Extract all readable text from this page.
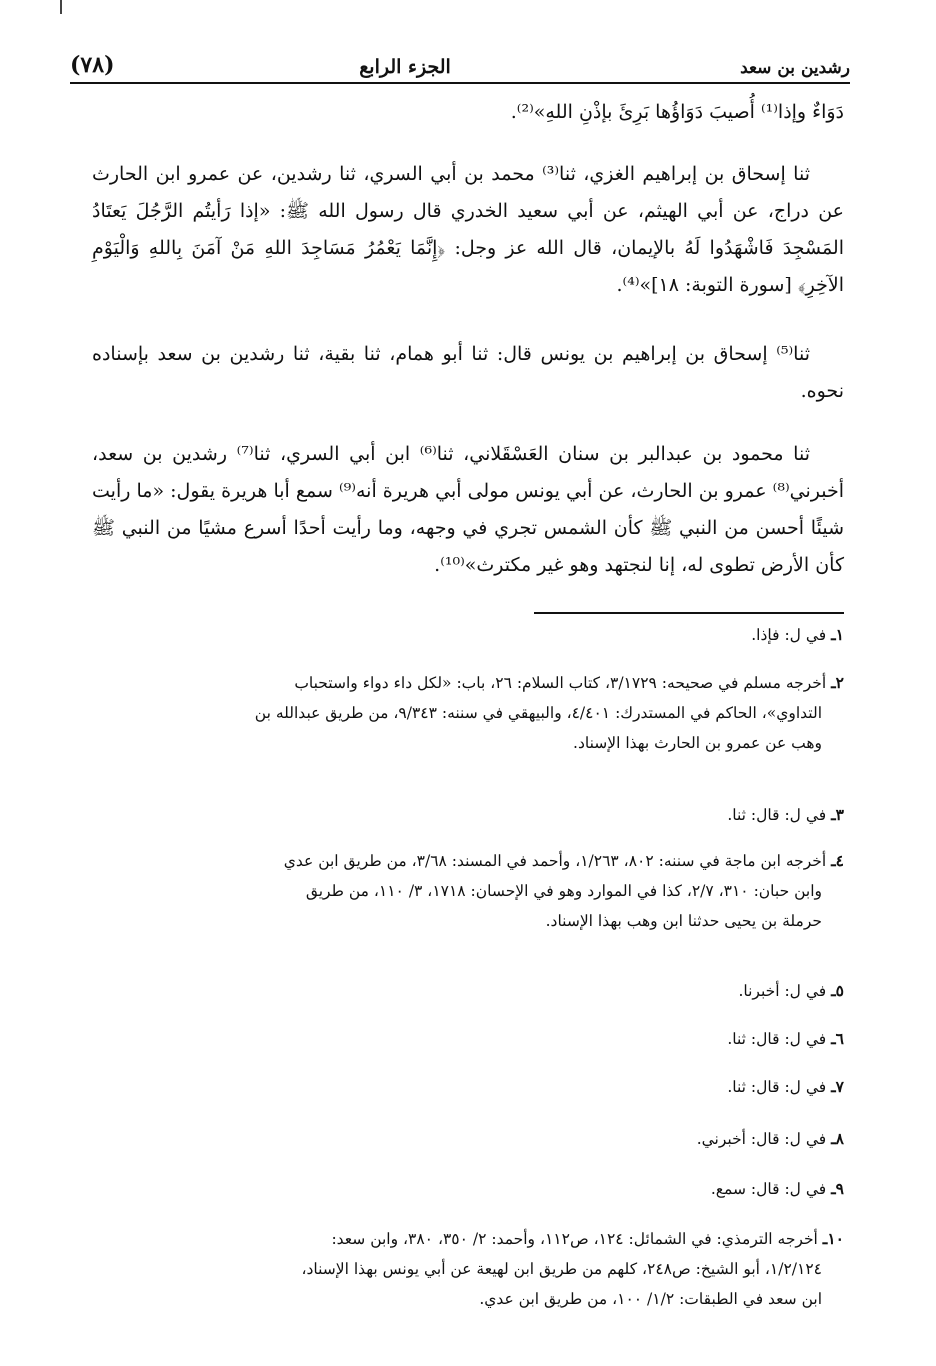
(٧٨)	الجزء الرابع	رشدين بن سعد

دَوَاءٌ وإذا⁽¹⁾ أُصيبَ دَوَاؤُها بَرِئَ بإذْنِ اللهِ»⁽²⁾.

ثنا إسحاق بن إبراهيم الغزي، ثنا⁽³⁾ محمد بن أبي السري، ثنا رشدين، عن عمرو ابن الحارث عن دراج، عن أبي الهيثم، عن أبي سعيد الخدري قال رسول الله ﷺ: «إذا رَأيتُم الرَّجُلَ يَعتَادُ المَسْجِدَ فَاشْهَدُوا لَهُ بالإيمان، قال الله عز وجل: ﴿إِنَّمَا يَعْمُرُ مَسَاجِدَ اللهِ مَنْ آمَنَ بِاللهِ وَالْيَوْمِ الآخِرِ﴾ [سورة التوبة: ١٨]»⁽⁴⁾.

ثنا⁽⁵⁾ إسحاق بن إبراهيم بن يونس قال: ثنا أبو همام، ثنا بقية، ثنا رشدين بن سعد بإسناده نحوه.

ثنا محمود بن عبدالبر بن سنان العَسْقَلاني، ثنا⁽⁶⁾ ابن أبي السري، ثنا⁽⁷⁾ رشدين بن سعد، أخبرني⁽⁸⁾ عمرو بن الحارث، عن أبي يونس مولى أبي هريرة أنه⁽⁹⁾ سمع أبا هريرة يقول: «ما رأيت شيئًا أحسن من النبي ﷺ كأن الشمس تجري في وجهه، وما رأيت أحدًا أسرع مشيًا من النبي ﷺ كأن الأرض تطوى له، إنا لنجتهد وهو غير مكترث»⁽¹⁰⁾.

١ـ في ل: فإذا.
٢ـ أخرجه مسلم في صحيحه: ٣/١٧٢٩، كتاب السلام: ٢٦، باب: «لكل داء دواء واستحباب
التداوي»، الحاكم في المستدرك: ٤/٤٠١، والبيهقي في سننه: ٩/٣٤٣، من طريق عبدالله بن
وهب عن عمرو بن الحارث بهذا الإسناد.
٣ـ في ل: قال: ثنا.
٤ـ أخرجه ابن ماجة في سننه: ٨٠٢، ١/٢٦٣، وأحمد في المسند: ٣/٦٨، من طريق ابن عدي
وابن حبان: ٣١٠، ٢/٧، كذا في الموارد وهو في الإحسان: ١٧١٨، ٣/ ١١٠، من طريق
حرملة بن يحيى حدثنا ابن وهب بهذا الإسناد.
٥ـ في ل: أخبرنا.
٦ـ في ل: قال: ثنا.
٧ـ في ل: قال: ثنا.
٨ـ في ل: قال: أخبرني.
٩ـ في ل: قال: سمع.
١٠ـ أخرجه الترمذي: في الشمائل: ١٢٤، ص١١٢، وأحمد: ٢/ ٣٥٠، ٣٨٠، وابن سعد:
١/٢/١٢٤، أبو الشيخ: ص٢٤٨، كلهم من طريق ابن لهيعة عن أبي يونس بهذا الإسناد،
ابن سعد في الطبقات: ١/٢/ ١٠٠، من طريق ابن عدي.
